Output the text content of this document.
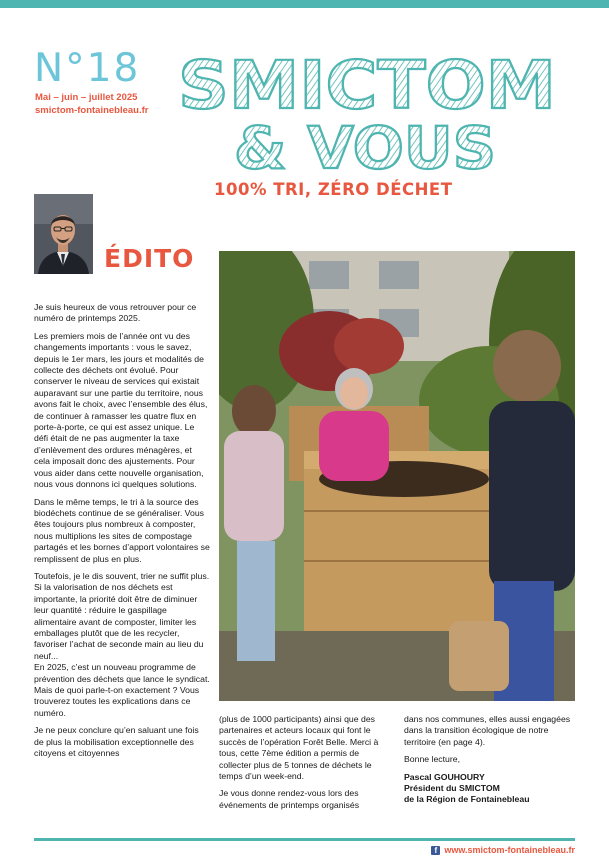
N°18
Mai – juin – juillet 2025
smictom-fontainebleau.fr SMICTOM
& VOUS
100% TRI, ZÉRO DÉCHET
ÉDITO

Je suis heureux de vous retrouver pour ce numéro de printemps 2025.

Les premiers mois de l’année ont vu des changements importants : vous le savez, depuis le 1er mars, les jours et modalités de collecte des déchets ont évolué. Pour conserver le niveau de services qui existait auparavant sur une partie du territoire, nous avons fait le choix, avec l’ensemble des élus, de continuer à ramasser les quatre flux en porte-à-porte, ce qui est assez unique. Le défi était de ne pas augmenter la taxe d’enlèvement des ordures ménagères, et cela imposait donc des ajustements. Pour vous aider dans cette nouvelle organisation, nous vous donnons ici quelques solutions.

Dans le même temps, le tri à la source des biodéchets continue de se généraliser. Vous êtes toujours plus nombreux à composter, nous multiplions les sites de compostage partagés et les bornes d’apport volontaires se remplissent de plus en plus.

Toutefois, je le dis souvent, trier ne suffit plus. Si la valorisation de nos déchets est importante, la priorité doit être de diminuer leur quantité : réduire le gaspillage alimentaire avant de composter, limiter les emballages plutôt que de les recycler, favoriser l’achat de seconde main au lieu du neuf...

En 2025, c’est un nouveau programme de prévention des déchets que lance le syndicat. Mais de quoi parle-t-on exactement ? Vous trouverez toutes les explications dans ce numéro.

Je ne peux conclure qu’en saluant une fois de plus la mobilisation exceptionnelle des citoyens et citoyennes

(plus de 1000 participants) ainsi que des partenaires et acteurs locaux qui font le succès de l’opération Forêt Belle. Merci à tous, cette 7ème édition a permis de collecter plus de 5 tonnes de déchets le temps d’un week-end.

Je vous donne rendez-vous lors des événements de printemps organisés

dans nos communes, elles aussi engagées dans la transition écologique de notre territoire (en page 4).

Bonne lecture,

Pascal GOUHOURY
Président du SMICTOM
de la Région de Fontainebleau
f www.smictom-fontainebleau.fr
